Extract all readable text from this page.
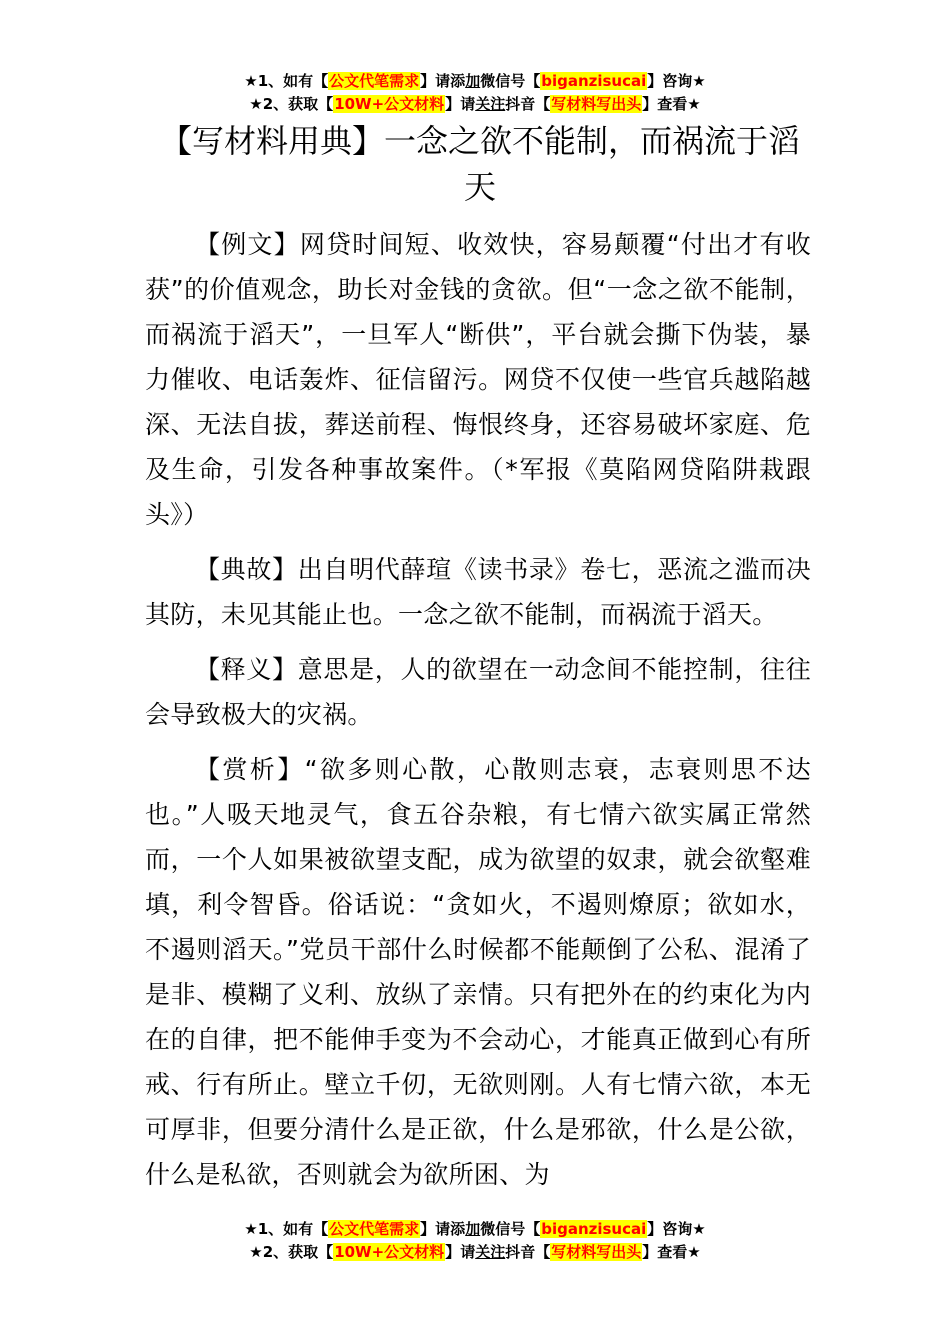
★1、如有【公文代笔需求】请添加微信号【biganzisucai】咨询★
★2、获取【10W+公文材料】请关注抖音【写材料写出头】查看★
【写材料用典】一念之欲不能制，而祸流于滔天

【例文】网贷时间短、收效快，容易颠覆“付出才有收获”的价值观念，助长对金钱的贪欲。但“一念之欲不能制，而祸流于滔天”，一旦军人“断供”，平台就会撕下伪装，暴力催收、电话轰炸、征信留污。网贷不仅使一些官兵越陷越深、无法自拔，葬送前程、悔恨终身，还容易破坏家庭、危及生命，引发各种事故案件。（*军报《莫陷网贷陷阱栽跟头》）

【典故】出自明代薛瑄《读书录》卷七，恶流之滥而决其防，未见其能止也。一念之欲不能制，而祸流于滔天。

【释义】意思是，人的欲望在一动念间不能控制，往往会导致极大的灾祸。

【赏析】“欲多则心散，心散则志衰，志衰则思不达也。”人吸天地灵气，食五谷杂粮，有七情六欲实属正常然而，一个人如果被欲望支配，成为欲望的奴隶，就会欲壑难填，利令智昏。俗话说：“贪如火，不遏则燎原；欲如水，不遏则滔天。”党员干部什么时候都不能颠倒了公私、混淆了是非、模糊了义利、放纵了亲情。只有把外在的约束化为内在的自律，把不能伸手变为不会动心，才能真正做到心有所戒、行有所止。壁立千仞，无欲则刚。人有七情六欲，本无可厚非，但要分清什么是正欲，什么是邪欲，什么是公欲，什么是私欲，否则就会为欲所困、为

★1、如有【公文代笔需求】请添加微信号【biganzisucai】咨询★
★2、获取【10W+公文材料】请关注抖音【写材料写出头】查看★
